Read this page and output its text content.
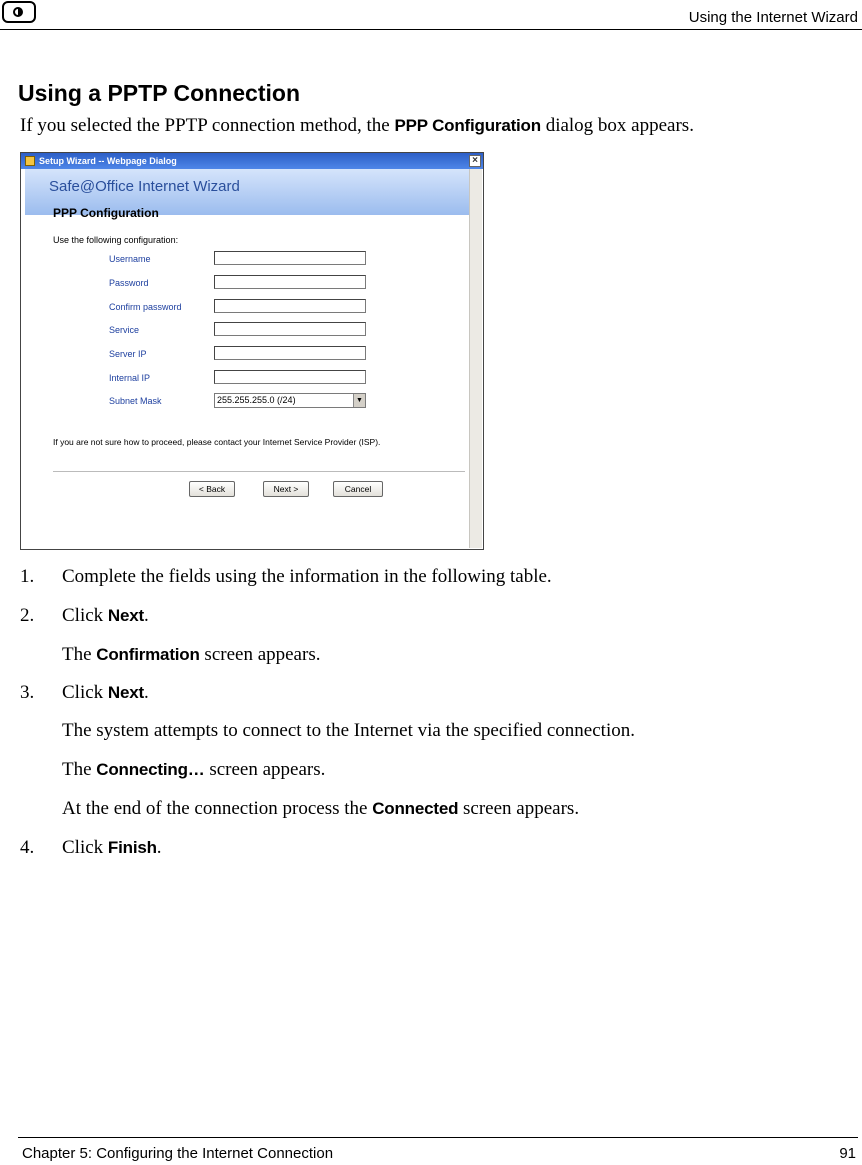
Using the Internet Wizard
Using a PPTP Connection

If you selected the PPTP connection method, the PPP Configuration dialog box appears.

Setup Wizard -- Webpage Dialog	×
Safe@Office Internet Wizard
PPP Configuration
Use the following configuration:
Username
Password
Confirm password
Service
Server IP
Internal IP
Subnet Mask	255.255.255.0 (/24)	▼
If you are not sure how to proceed, please contact your Internet Service Provider (ISP).
< Back	Next >	Cancel
1. Complete the fields using the information in the following table.
2. Click Next.
The Confirmation screen appears.
3. Click Next.
The system attempts to connect to the Internet via the specified connection.
The Connecting… screen appears.
At the end of the connection process the Connected screen appears.
4. Click Finish.
Chapter 5: Configuring the Internet Connection	91
